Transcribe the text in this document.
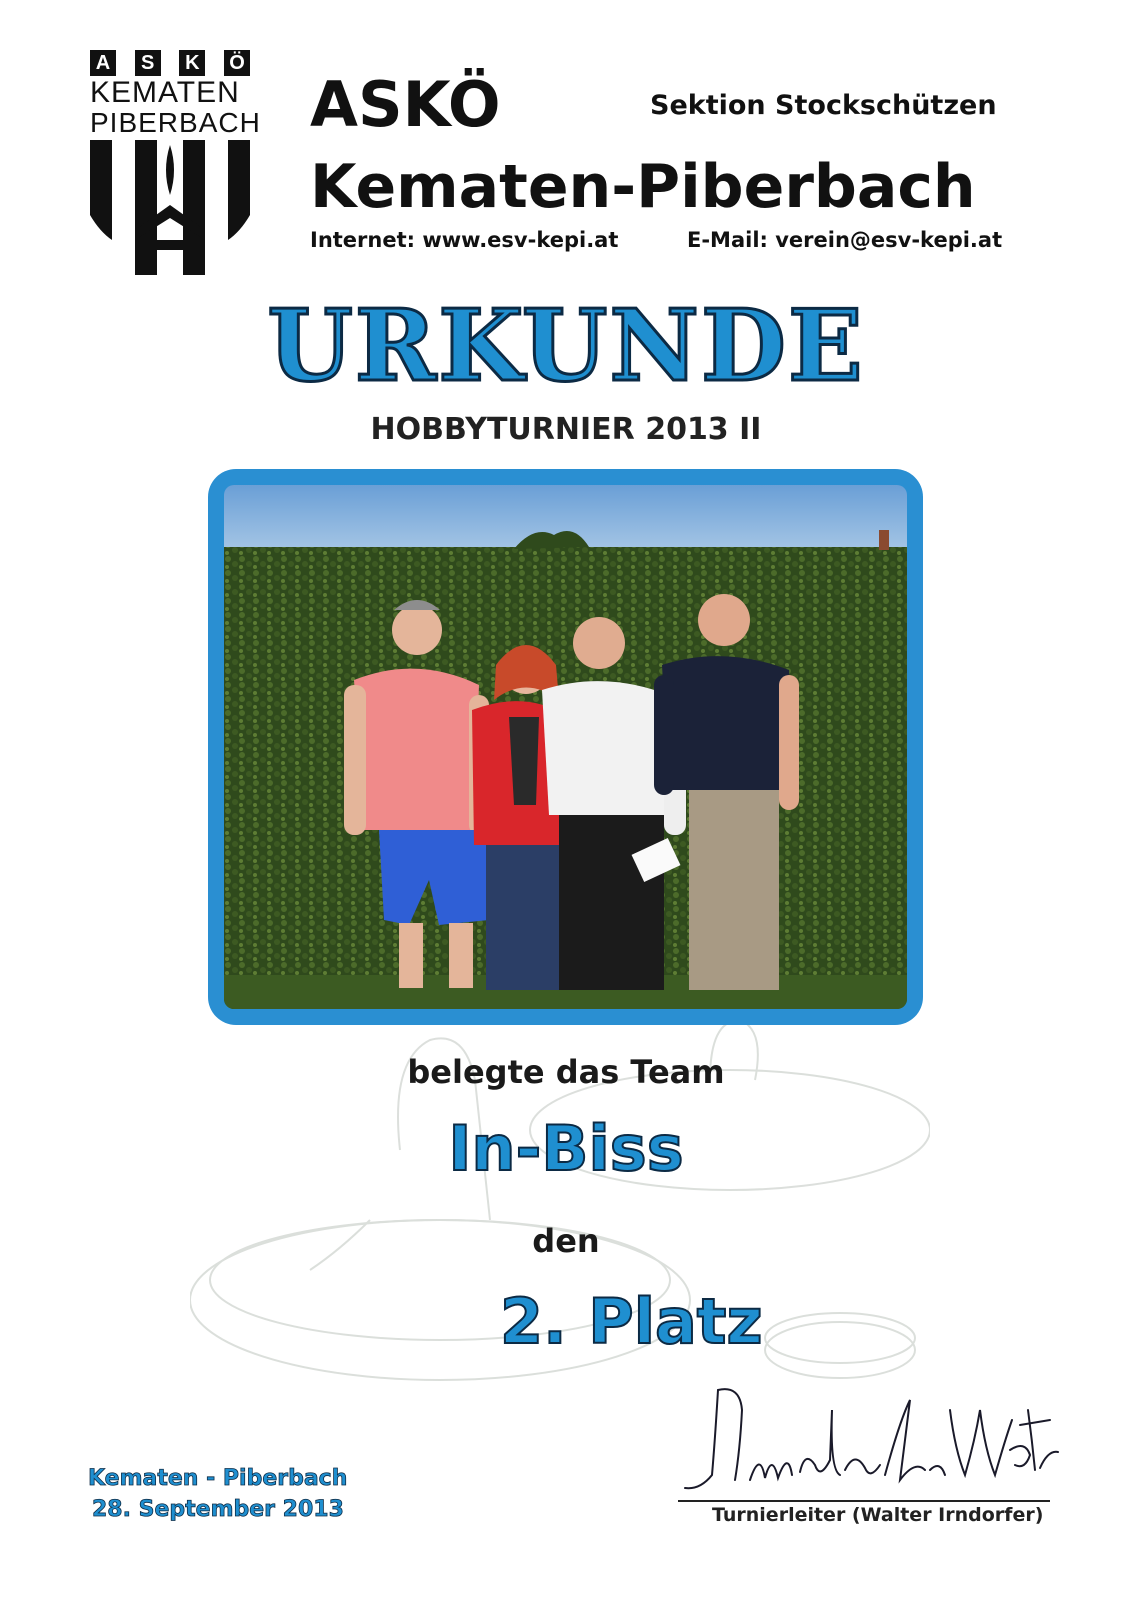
A	S	K Ö
KEMATEN
PIBERBACH ASKÖ	Sektion Stockschützen
Kematen-Piberbach
Internet: www.esv-kepi.at	E-Mail: verein@esv-kepi.at
URKUNDE
HOBBYTURNIER 2013 II
belegte das Team
In-Biss
den
2. Platz
Kematen - Piberbach
28. September 2013	Turnierleiter (Walter Irndorfer)
